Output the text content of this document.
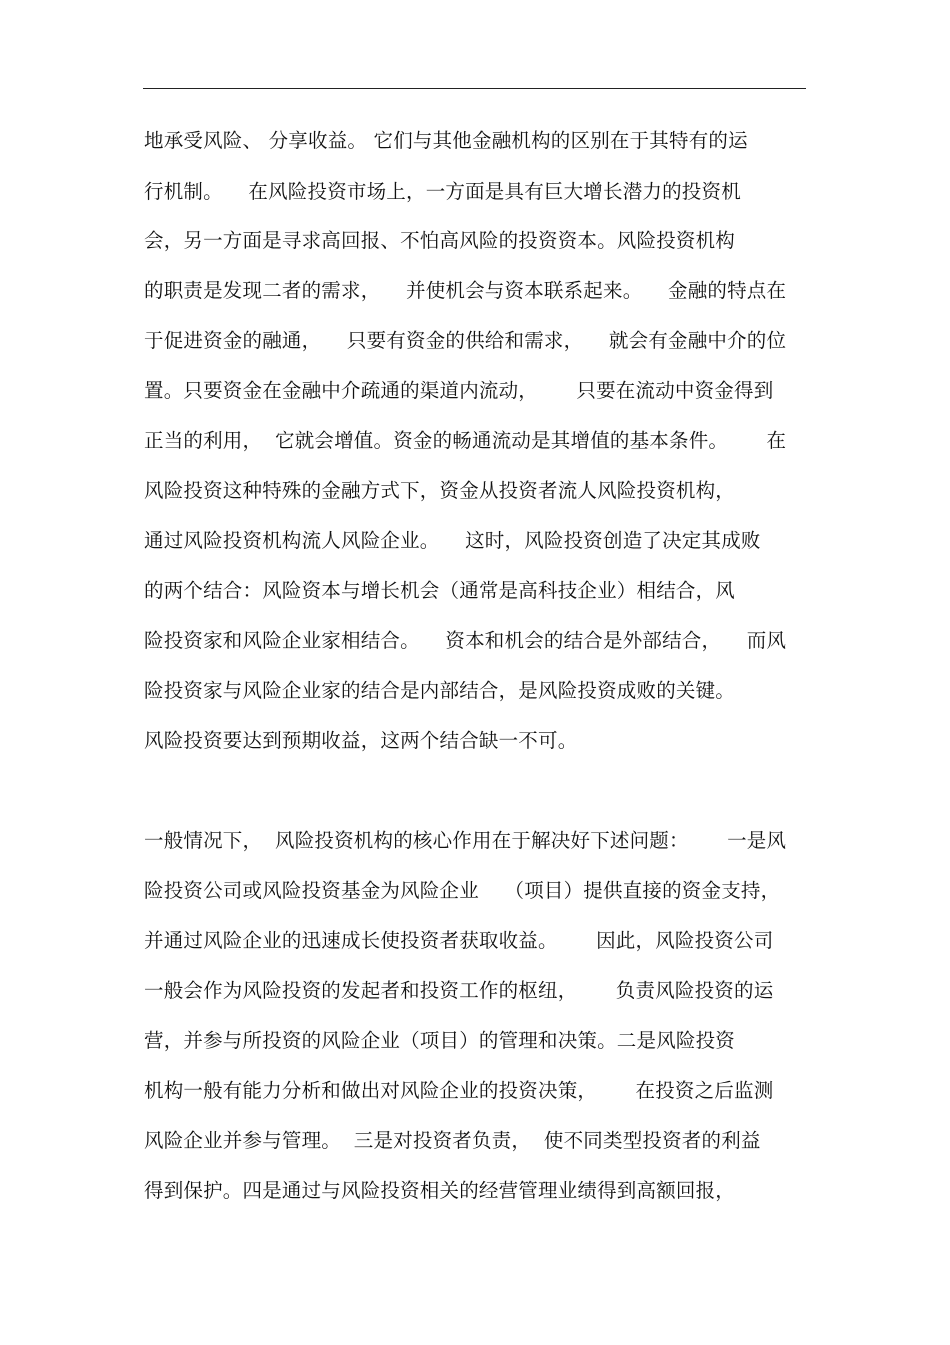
地承受风险、 分享收益。 它们与其他金融机构的区别在于其特有的运
行机制。    在风险投资市场上，一方面是具有巨大增长潜力的投资机
会，另一方面是寻求高回报、不怕高风险的投资资本。风险投资机构
的职责是发现二者的需求，    并使机会与资本联系起来。    金融的特点在
于促进资金的融通，    只要有资金的供给和需求，    就会有金融中介的位
置。只要资金在金融中介疏通的渠道内流动，      只要在流动中资金得到
正当的利用，  它就会增值。资金的畅通流动是其增值的基本条件。      在
风险投资这种特殊的金融方式下，资金从投资者流人风险投资机构，
通过风险投资机构流人风险企业。    这时，风险投资创造了决定其成败
的两个结合：风险资本与增长机会（通常是高科技企业）相结合，风
险投资家和风险企业家相结合。    资本和机会的结合是外部结合，    而风
险投资家与风险企业家的结合是内部结合，是风险投资成败的关键。
风险投资要达到预期收益，这两个结合缺一不可。
一般情况下，  风险投资机构的核心作用在于解决好下述问题：      一是风
险投资公司或风险投资基金为风险企业    （项目）提供直接的资金支持，
并通过风险企业的迅速成长使投资者获取收益。      因此，风险投资公司
一般会作为风险投资的发起者和投资工作的枢纽，      负责风险投资的运
营，并参与所投资的风险企业（项目）的管理和决策。二是风险投资
机构一般有能力分析和做出对风险企业的投资决策，      在投资之后监测
风险企业并参与管理。  三是对投资者负责，  使不同类型投资者的利益
得到保护。四是通过与风险投资相关的经营管理业绩得到高额回报，
